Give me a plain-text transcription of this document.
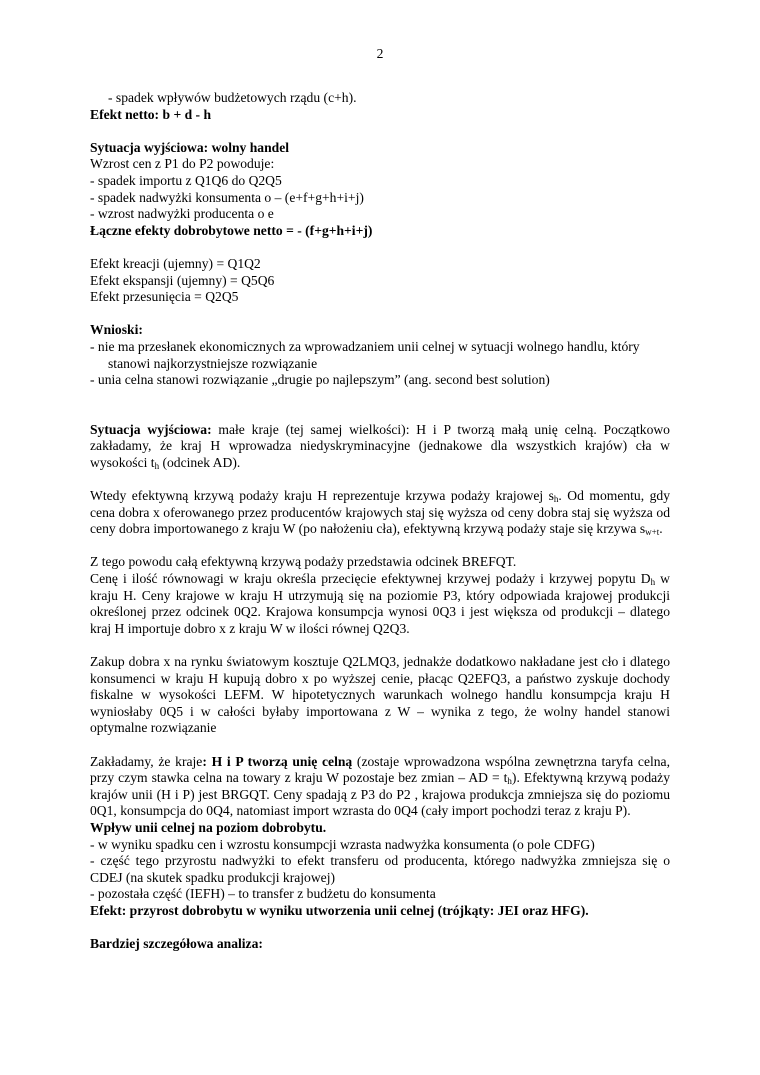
2

- spadek wpływów budżetowych rządu (c+h).

Efekt netto: b + d - h

Sytuacja wyjściowa: wolny handel

Wzrost cen z P1 do P2 powoduje:

- spadek importu z Q1Q6 do Q2Q5

- spadek nadwyżki konsumenta o – (e+f+g+h+i+j)

- wzrost nadwyżki producenta o e

Łączne efekty dobrobytowe netto = - (f+g+h+i+j)

Efekt kreacji (ujemny) = Q1Q2

Efekt ekspansji (ujemny) = Q5Q6

Efekt przesunięcia = Q2Q5

Wnioski:

- nie ma przesłanek ekonomicznych za wprowadzaniem unii celnej w sytuacji wolnego handlu, który

stanowi najkorzystniejsze rozwiązanie

- unia celna stanowi rozwiązanie „drugie po najlepszym” (ang. second best solution)

Sytuacja wyjściowa: małe kraje (tej samej wielkości): H i P tworzą małą unię celną. Początkowo zakładamy, że kraj H wprowadza niedyskryminacyjne (jednakowe dla wszystkich krajów) cła w wysokości $t_h$ (odcinek AD).

Wtedy efektywną krzywą podaży kraju H reprezentuje krzywa podaży krajowej $s_h$. Od momentu, gdy cena dobra x oferowanego przez producentów krajowych staj się wyższa od ceny dobra staj się wyższa od ceny dobra importowanego z kraju W (po nałożeniu cła), efektywną krzywą podaży staje się krzywa $s_{w+t}$.

Z tego powodu całą efektywną krzywą podaży przedstawia odcinek BREFQT.

Cenę i ilość równowagi w kraju określa przecięcie efektywnej krzywej podaży i krzywej popytu $D_h$ w kraju H. Ceny krajowe w kraju H utrzymują się na poziomie P3, który odpowiada krajowej produkcji określonej przez odcinek 0Q2. Krajowa konsumpcja wynosi 0Q3 i jest większa od produkcji – dlatego kraj H importuje dobro x z kraju W w ilości równej Q2Q3.

Zakup dobra x na rynku światowym kosztuje Q2LMQ3, jednakże dodatkowo nakładane jest cło i dlatego konsumenci w kraju H kupują dobro x po wyższej cenie, płacąc Q2EFQ3, a państwo zyskuje dochody fiskalne w wysokości LEFM. W hipotetycznych warunkach wolnego handlu konsumpcja kraju H wyniosłaby 0Q5 i w całości byłaby importowana z W – wynika z tego, że wolny handel stanowi optymalne rozwiązanie

Zakładamy, że kraje: H i P tworzą unię celną (zostaje wprowadzona wspólna zewnętrzna taryfa celna, przy czym stawka celna na towary z kraju W pozostaje bez zmian – AD = $t_h$). Efektywną krzywą podaży krajów unii (H i P) jest BRGQT. Ceny spadają z P3 do P2 , krajowa produkcja zmniejsza się do poziomu 0Q1, konsumpcja do 0Q4, natomiast import wzrasta do 0Q4 (cały import pochodzi teraz z kraju P).

Wpływ unii celnej na poziom dobrobytu.

- w wyniku spadku cen i wzrostu konsumpcji wzrasta nadwyżka konsumenta (o pole CDFG)

- część tego przyrostu nadwyżki to efekt transferu od producenta, którego nadwyżka zmniejsza się o CDEJ (na skutek spadku produkcji krajowej)

- pozostała część (IEFH) – to transfer z budżetu do konsumenta

Efekt: przyrost dobrobytu w wyniku utworzenia unii celnej (trójkąty: JEI oraz HFG).

Bardziej szczegółowa analiza:
